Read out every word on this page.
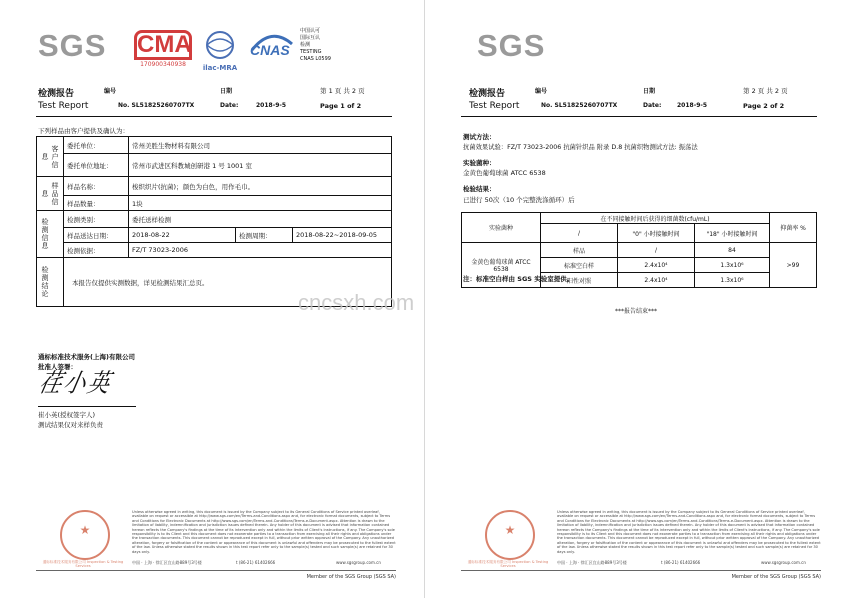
SGS CMA
170900340938	ilac-MRA
CNAS
中国认可
国际互认
检测
TESTING
CNAS L0599
检测报告	编号	日期	第 1 页 共 2 页
Test Report	No. SL51825260707TX	Date:	2018-9-5	Page 1 of 2
下列样品由客户提供及确认为：
客户信息	委托单位：	常州美胜生物材料有限公司		
	委托单位地址：	常州市武进区科教城创研港 1 号 1001 室		

样品信息	样品名称：	梭织织片(抗菌)；颜色为白色，用作毛巾。		
	样品数量：	1块		

检测信息	检测类别：	委托送样检测		
	样品送达日期：	2018-08-22	检测周期：	2018-08-22~2018-09-05
	检测依据：	FZ/T 73023-2006		

检测结论	本报告仅提供实测数据，详见检测结果汇总页。			
通标标准技术服务(上海)有限公司
批准人签署：
荏小英
崔小英(授权签字人)
测试结果仅对来样负责
cncsxh.com
★
通标标准技术服务有限公司 Inspection & Testing Services
Unless otherwise agreed in writing, this document is issued by the Company subject to its General Conditions of Service printed overleaf, available on request or accessible at http://www.sgs.com/en/Terms-and-Conditions.aspx and, for electronic format documents, subject to Terms and Conditions for Electronic Documents at http://www.sgs.com/en/Terms-and-Conditions/Terms-e-Document.aspx. Attention is drawn to the limitation of liability, indemnification and jurisdiction issues defined therein. Any holder of this document is advised that information contained hereon reflects the Company's findings at the time of its intervention only and within the limits of Client's instructions, if any. The Company's sole responsibility is to its Client and this document does not exonerate parties to a transaction from exercising all their rights and obligations under the transaction documents. This document cannot be reproduced except in full, without prior written approval of the Company. Any unauthorized alteration, forgery or falsification of the content or appearance of this document is unlawful and offenders may be prosecuted to the fullest extent of the law. Unless otherwise stated the results shown in this test report refer only to the sample(s) tested and such sample(s) are retained for 30 days only.
中国 · 上海 · 徐汇区宜山路889号3号楼	t (86-21) 61402666	www.sgsgroup.com.cn
Member of the SGS Group (SGS SA)
SGS
检测报告	编号	日期	第 2 页 共 2 页
Test Report	No. SL51825260707TX	Date:	2018-9-5	Page 2 of 2
测试方法：
抗菌效果试验：FZ/T 73023-2006 抗菌针织品 附录 D.8 抗菌织物测试方法: 振荡法
实验菌种：
金黄色葡萄球菌 ATCC 6538
检验结果：
已进行 50次（10 个完整洗涤循环）后
实验菌种	在不同接触时间后获得的细菌数(cfu/mL)			抑菌率 %
	/	"0" 小时接触时间	"18" 小时接触时间	
金黄色葡萄球菌 ATCC 6538	样品	/	84	>99
	标准空白样	2.4x10⁴	1.3x10⁶	
	阳性对照	2.4x10⁴	1.3x10⁶	
注：标准空白样由 SGS 实验室提供。
***报告结束***
★
通标标准技术服务有限公司 Inspection & Testing Services
Unless otherwise agreed in writing, this document is issued by the Company subject to its General Conditions of Service printed overleaf, available on request or accessible at http://www.sgs.com/en/Terms-and-Conditions.aspx and, for electronic format documents, subject to Terms and Conditions for Electronic Documents at http://www.sgs.com/en/Terms-and-Conditions/Terms-e-Document.aspx. Attention is drawn to the limitation of liability, indemnification and jurisdiction issues defined therein. Any holder of this document is advised that information contained hereon reflects the Company's findings at the time of its intervention only and within the limits of Client's instructions, if any. The Company's sole responsibility is to its Client and this document does not exonerate parties to a transaction from exercising all their rights and obligations under the transaction documents. This document cannot be reproduced except in full, without prior written approval of the Company. Any unauthorized alteration, forgery or falsification of the content or appearance of this document is unlawful and offenders may be prosecuted to the fullest extent of the law. Unless otherwise stated the results shown in this test report refer only to the sample(s) tested and such sample(s) are retained for 30 days only.
中国 · 上海 · 徐汇区宜山路889号3号楼	t (86-21) 61402666	www.sgsgroup.com.cn
Member of the SGS Group (SGS SA)
